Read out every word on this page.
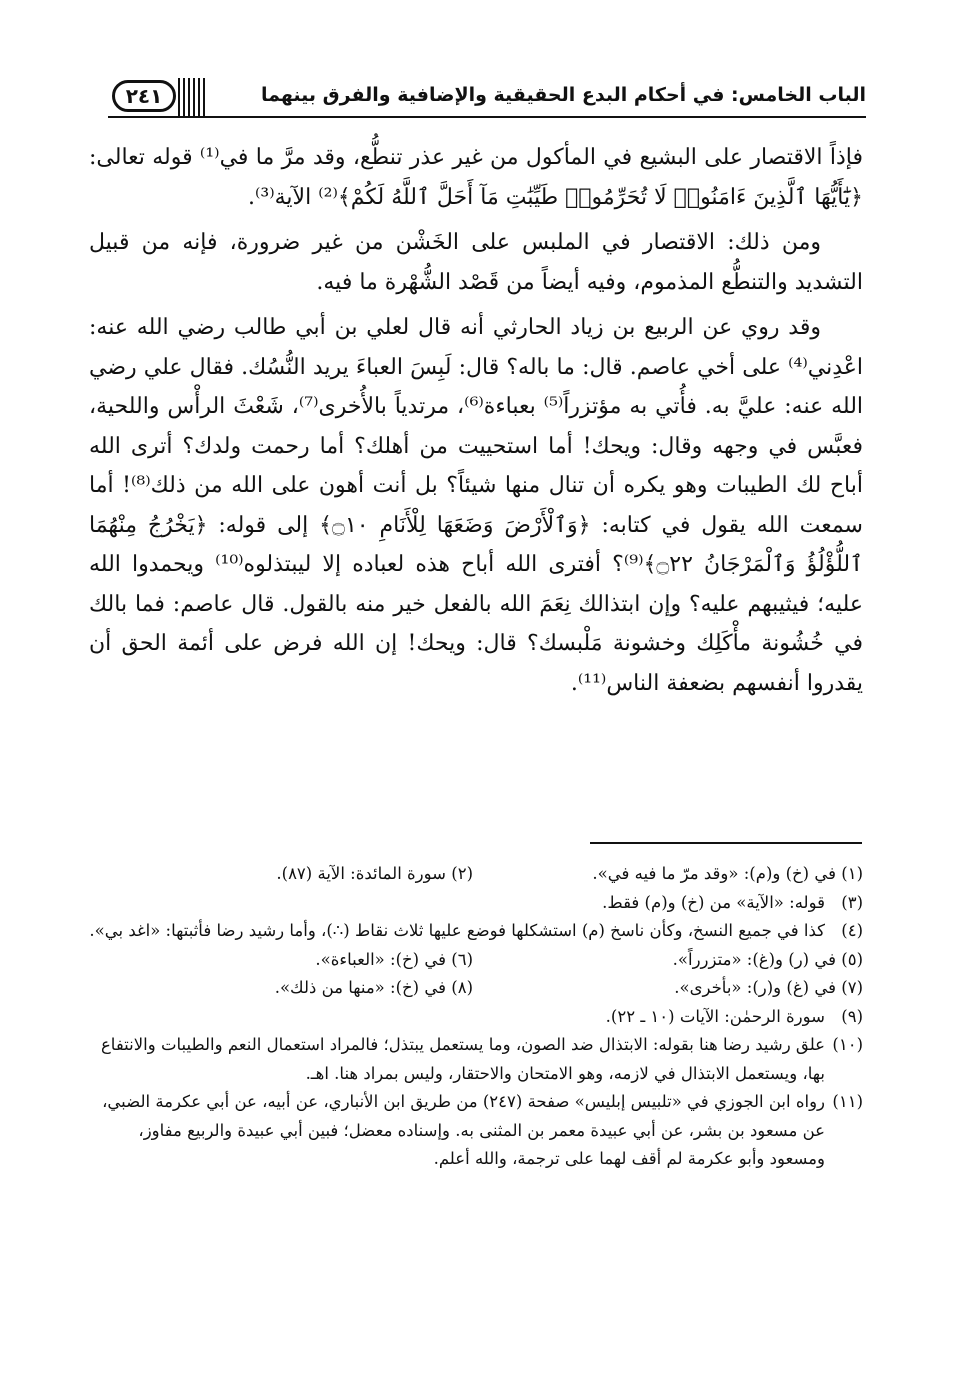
الباب الخامس: في أحكام البدع الحقيقية والإضافية والفرق بينهما
٢٤١

فإذاً الاقتصار على البشيع في المأكول من غير عذر تنطُّع، وقد مرَّ ما في⁽¹⁾ قوله تعالى: ﴿يَٰٓأَيُّهَا ٱلَّذِينَ ءَامَنُوا۟ لَا تُحَرِّمُوا۟ طَيِّبَٰتِ مَآ أَحَلَّ ٱللَّهُ لَكُمْ﴾⁽²⁾ الآية⁽³⁾.

ومن ذلك: الاقتصار في الملبس على الخَشْن من غير ضرورة، فإنه من قبيل التشديد والتنطُّع المذموم، وفيه أيضاً من قَصْد الشُّهْرة ما فيه.

وقد روي عن الربيع بن زياد الحارثي أنه قال لعلي بن أبي طالب رضي الله عنه: اعْدِني⁽⁴⁾ على أخي عاصم. قال: ما باله؟ قال: لَبِسَ العباءَ يريد النُّسُك. فقال علي رضي الله عنه: عليَّ به. فأُتي به مؤتزراً⁽⁵⁾ بعباءة⁽⁶⁾، مرتدياً بالأُخرى⁽⁷⁾، شَعْثَ الرأْس واللحية، فعبَّس في وجهه وقال: ويحك! أما استحييت من أهلك؟ أما رحمت ولدك؟ أترى الله أباح لك الطيبات وهو يكره أن تنال منها شيئاً؟ بل أنت أهون على الله من ذلك⁽⁸⁾! أما سمعت الله يقول في كتابه: ﴿وَٱلْأَرْضَ وَضَعَهَا لِلْأَنَامِ ۝١٠﴾ إلى قوله: ﴿يَخْرُجُ مِنْهُمَا ٱللُّؤْلُؤُ وَٱلْمَرْجَانُ ۝٢٢﴾⁽⁹⁾؟ أفترى الله أباح هذه لعباده إلا ليبتذلوه⁽¹⁰⁾ ويحمدوا الله عليه؛ فيثيبهم عليه؟ وإن ابتذالك نِعَمَ الله بالفعل خير منه بالقول. قال عاصم: فما بالك في خُشُونة مأْكَلِك وخشونة مَلْبسك؟ قال: ويحك! إن الله فرض على أئمة الحق أن يقدروا أنفسهم بضعفة الناس⁽¹¹⁾.

(١) في (خ) و(م): «وقد مرّ ما فيه في».
(٢) سورة المائدة: الآية (٨٧).

(٣)
قوله: «الآية» من (خ) و(م) فقط.

(٤)
كذا في جميع النسخ، وكأن ناسخ (م) استشكلها فوضع عليها ثلاث نقاط (∴)، وأما رشيد رضا فأثبتها: «اغد بي».

(٥) في (ر) و(غ): «متزرراً».
(٦) في (خ): «العباءة».
(٧) في (غ) و(ر): «بأخرى».
(٨) في (خ): «منها من ذلك».

(٩)
سورة الرحمٰن: الآيات (١٠ ـ ٢٢).

(١٠)
علق رشيد رضا هنا بقوله: الابتذال ضد الصون، وما يستعمل يبتذل؛ فالمراد استعمال النعم والطيبات والانتفاع بها، ويستعمل الابتذال في لازمه، وهو الامتحان والاحتقار، وليس بمراد هنا. اهـ.

(١١)
رواه ابن الجوزي في «تلبيس إبليس» صفحة (٢٤٧) من طريق ابن الأنباري، عن أبيه، عن أبي عكرمة الضبي، عن مسعود بن بشر، عن أبي عبيدة معمر بن المثنى به. وإسناده معضل؛ فبين أبي عبيدة والربيع مفاوز، ومسعود وأبو عكرمة لم أقف لهما على ترجمة، والله أعلم.
